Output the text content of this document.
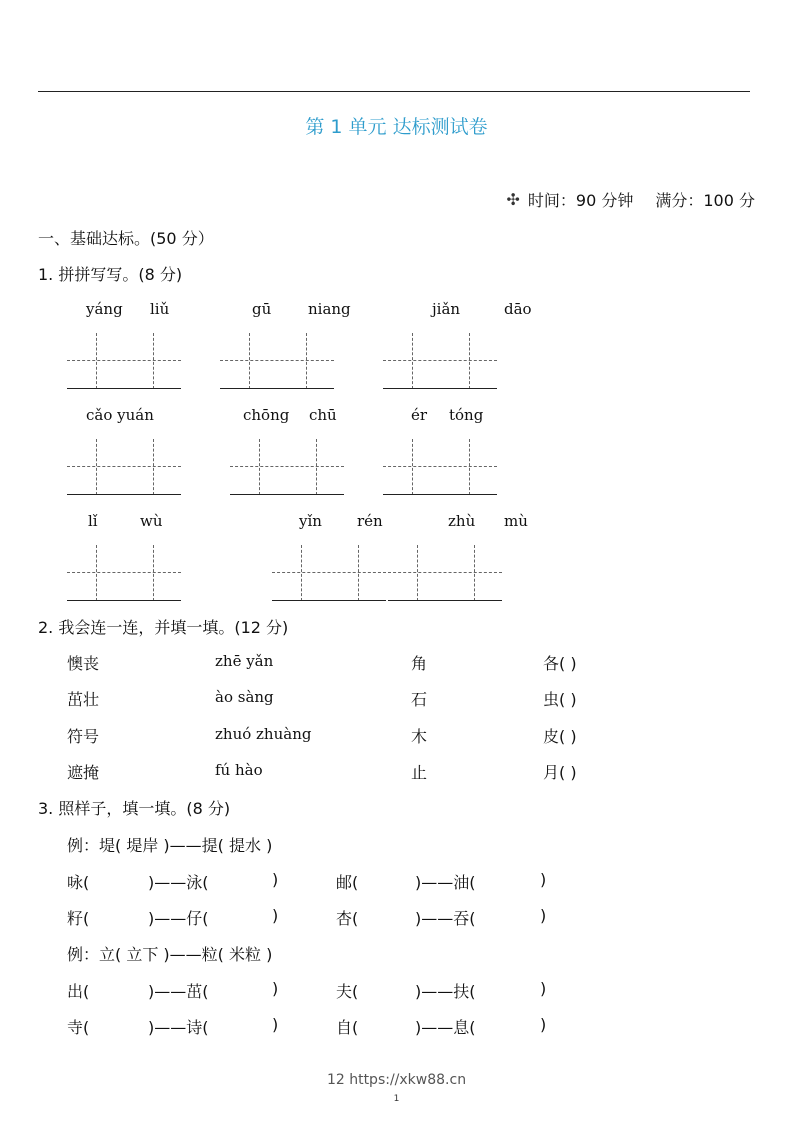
第 1 单元 达标测试卷
✣ 时间：90 分钟 满分：100 分
一、基础达标。(50 分）
1. 拼拼写写。(8 分)
yáng liǔ	gū niang	jiǎn	dāo
cǎo yuán	chōng chū	ér tóng
lǐ	wù	yǐn rén	zhù mù
2. 我会连一连，并填一填。(12 分)
懊丧	zhē yǎn	角	各( )
茁壮	ào sàng	石	虫( )
符号	zhuó zhuàng	木	皮( )
遮掩	fú hào	止	月( )
3. 照样子，填一填。(8 分)
例：堤( 堤岸 )——提( 提水 )
咏(	)——泳(	)	邮(	)——油(	)
籽(	)——仔(	)	杏(	)——吞(	)
例：立( 立下 )——粒( 米粒 )
出(	)——茁(	)	夫(	)——扶(	)
寺(	)——诗(	)	自(	)——息(	)
12 https://xkw88.cn
1
